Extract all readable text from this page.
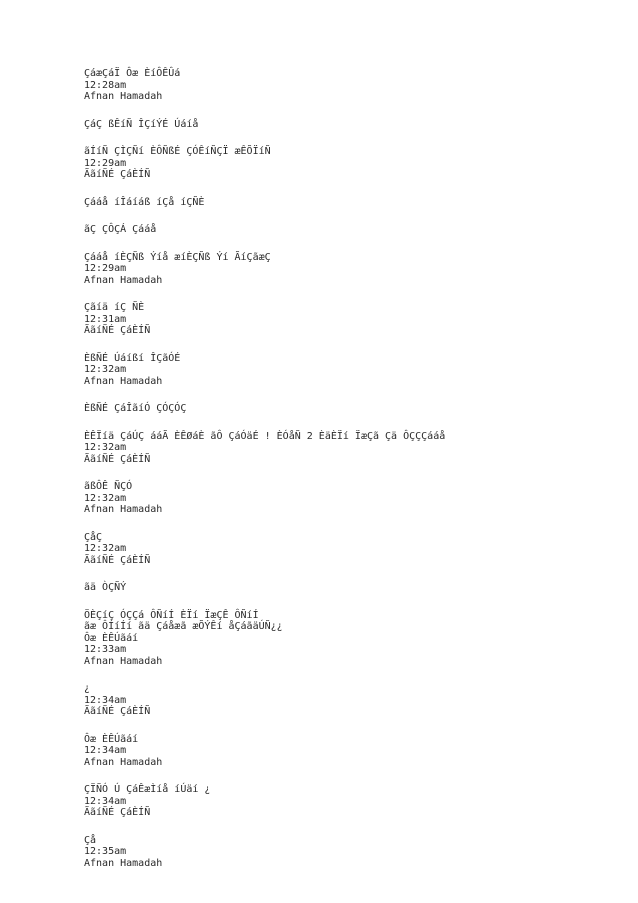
ÇáæÇáÏ Ôæ ÈíÔÊÛá
12:28am
Afnan Hamadah
ÇáÇ ßÊíÑ ÎÇíÝÉ Úáíå
ãÍíÑ ÇÌÇÑí ÈÔÑßÉ ÇÓÊíÑÇÏ æÊÕÏíÑ
12:29am
ÃãíÑÉ ÇáÈÍÑ
Çááå íÎáíáß íÇå íÇÑÈ
ãÇ ÇÔÇÁ Çááå
Çááå íÈÇÑß Ýíå æíÈÇÑß Ýí ÃíÇãæÇ
12:29am
Afnan Hamadah
Çãíä íÇ ÑÈ
12:31am
ÃãíÑÉ ÇáÈÍÑ
ÈßÑÉ Úáíßí ÎÇãÓÉ
12:32am
Afnan Hamadah
ÈßÑÉ ÇáÎãíÓ ÇÓÇÓÇ
ÈÊÏíä ÇáÚÇ ááÃ ÈÊØáÈ ãÔ ÇáÓäÉ ! ÈÓåÑ 2 ÈäÈÏí ÏæÇã Çä ÔÇÇÇááå
12:32am
ÃãíÑÉ ÇáÈÍÑ
ãßÔÊ ÑÇÓ
12:32am
Afnan Hamadah
ÇåÇ
12:32am
ÃãíÑÉ ÇáÈÍÑ
ãä ÒÇÑÝ
ÖÈÇíÇ ÓÇÇá ÔÑíÍ ÈÏí ÏæÇÊ ÔÑíÍ
ãæ ÔÍíÍí ãä Çáåæã æÕÝÊí åÇáãäÚÑ¿¿
Ôæ ÈÊÚãáí
12:33am
Afnan Hamadah
¿
12:34am
ÃãíÑÉ ÇáÈÍÑ
Ôæ ÈÊÚãáí
12:34am
Afnan Hamadah
ÇÏÑÓ Ú ÇáÊæÌíå íÚäí ¿
12:34am
ÃãíÑÉ ÇáÈÍÑ
Çå
12:35am
Afnan Hamadah
